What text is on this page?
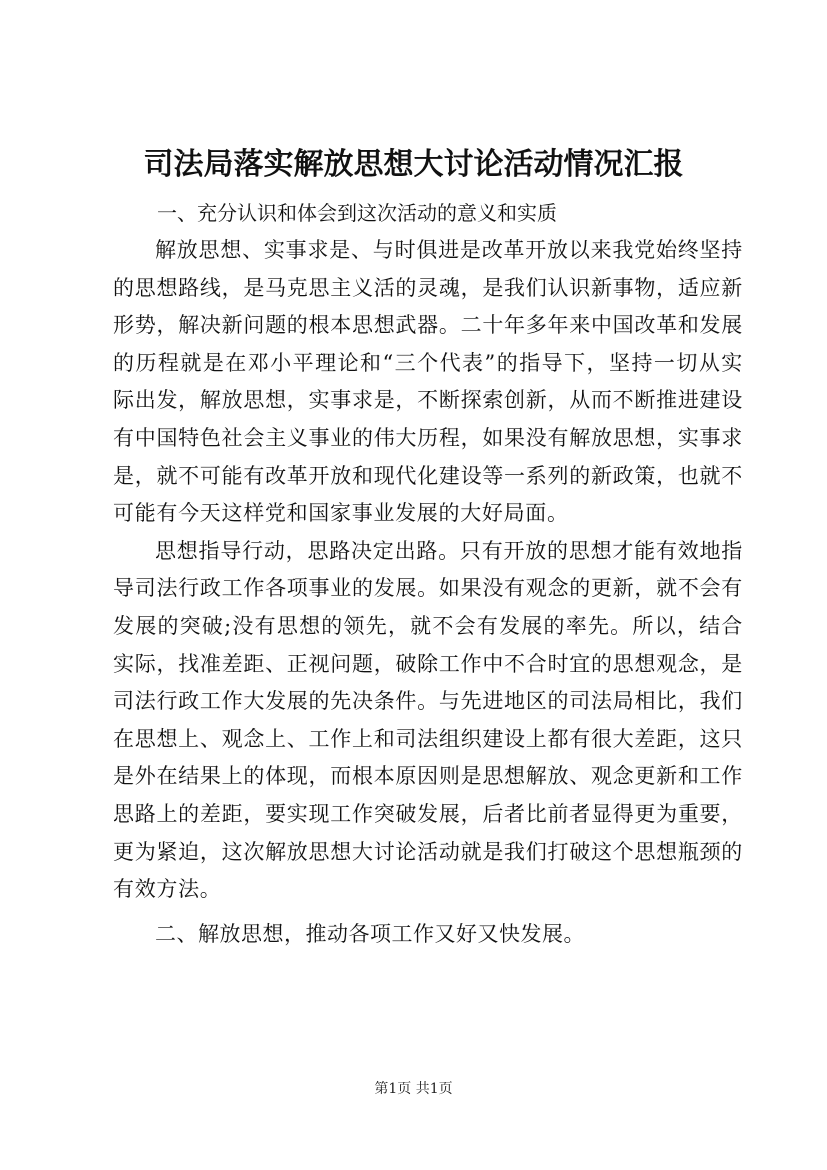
司法局落实解放思想大讨论活动情况汇报

一、充分认识和体会到这次活动的意义和实质

解放思想、实事求是、与时俱进是改革开放以来我党始终坚持的思想路线，是马克思主义活的灵魂，是我们认识新事物，适应新形势，解决新问题的根本思想武器。二十年多年来中国改革和发展的历程就是在邓小平理论和“三个代表”的指导下，坚持一切从实际出发，解放思想，实事求是，不断探索创新，从而不断推进建设有中国特色社会主义事业的伟大历程，如果没有解放思想，实事求是，就不可能有改革开放和现代化建设等一系列的新政策，也就不可能有今天这样党和国家事业发展的大好局面。

思想指导行动，思路决定出路。只有开放的思想才能有效地指导司法行政工作各项事业的发展。如果没有观念的更新，就不会有发展的突破;没有思想的领先，就不会有发展的率先。所以，结合实际，找准差距、正视问题，破除工作中不合时宜的思想观念，是司法行政工作大发展的先决条件。与先进地区的司法局相比，我们在思想上、观念上、工作上和司法组织建设上都有很大差距，这只是外在结果上的体现，而根本原因则是思想解放、观念更新和工作思路上的差距，要实现工作突破发展，后者比前者显得更为重要，更为紧迫，这次解放思想大讨论活动就是我们打破这个思想瓶颈的有效方法。

二、解放思想，推动各项工作又好又快发展。

第1页 共1页
